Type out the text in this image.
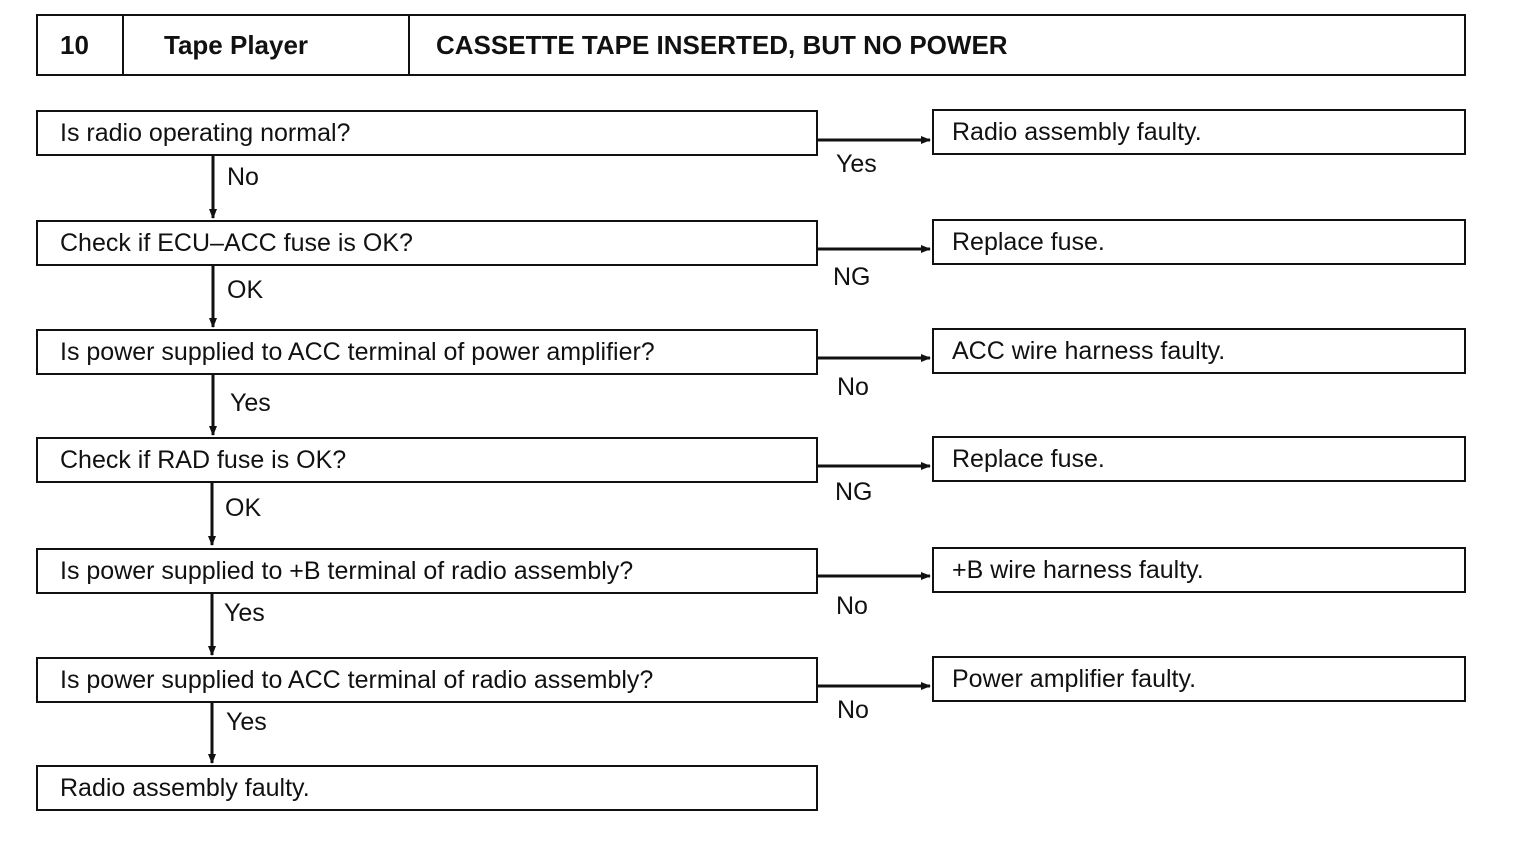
10	Tape Player	CASSETTE TAPE INSERTED, BUT NO POWER
Is radio operating normal?	Radio assembly faulty.
No	Yes
Check if ECU–ACC fuse is OK?	Replace fuse.
OK	NG
Is power supplied to ACC terminal of power amplifier?	ACC wire harness faulty.
Yes
No
Check if RAD fuse is OK?	Replace fuse.
OK
NG
Is power supplied to +B terminal of radio assembly?	+B wire harness faulty.
Yes	No
Is power supplied to ACC terminal of radio assembly?	Power amplifier faulty.
Yes	No
Radio assembly faulty.
